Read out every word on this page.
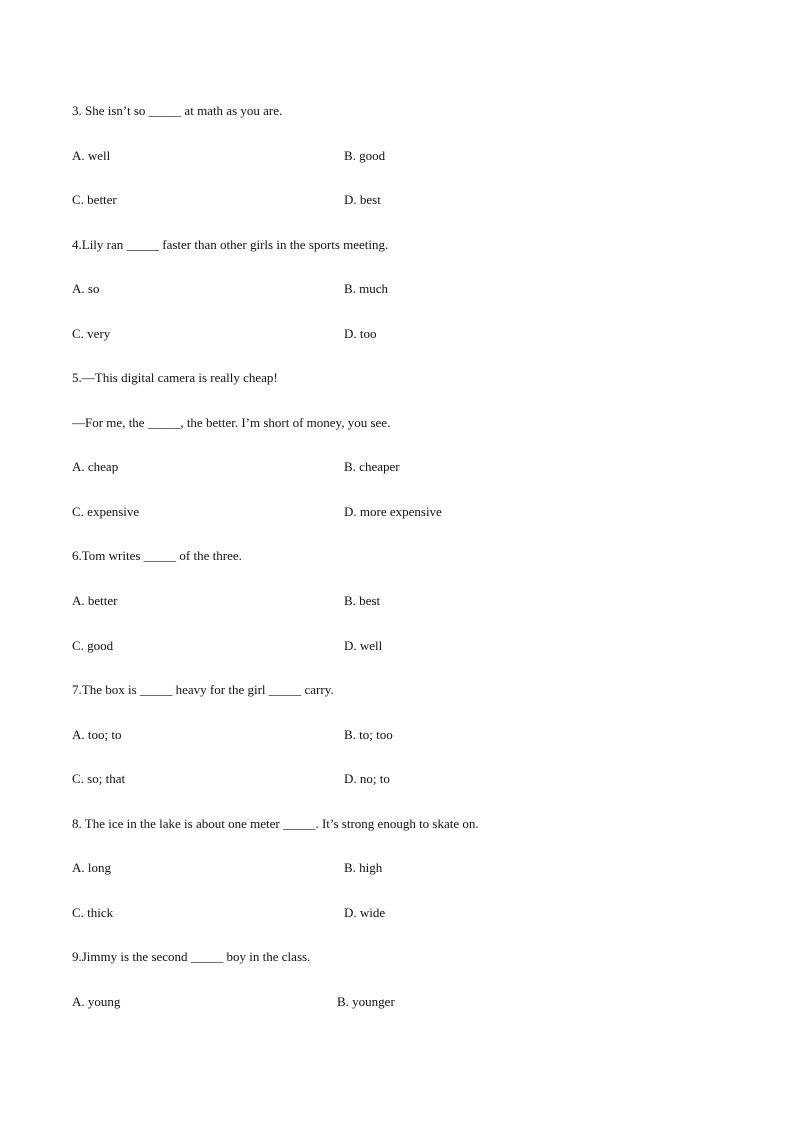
3. She isn’t so _____ at math as you are.
A. well	B. good
C. better	D. best
4.Lily ran _____ faster than other girls in the sports meeting.
A. so	B. much
C. very	D. too
5.—This digital camera is really cheap!
—For me, the _____, the better. I’m short of money, you see.
A. cheap	B. cheaper
C. expensive	D. more expensive
6.Tom writes _____ of the three.
A. better	B. best
C. good	D. well
7.The box is _____ heavy for the girl _____ carry.
A. too; to	B. to; too
C. so; that	D. no; to
8. The ice in the lake is about one meter _____. It’s strong enough to skate on.
A. long	B. high
C. thick	D. wide
9.Jimmy is the second _____ boy in the class.
A. young	B. younger
